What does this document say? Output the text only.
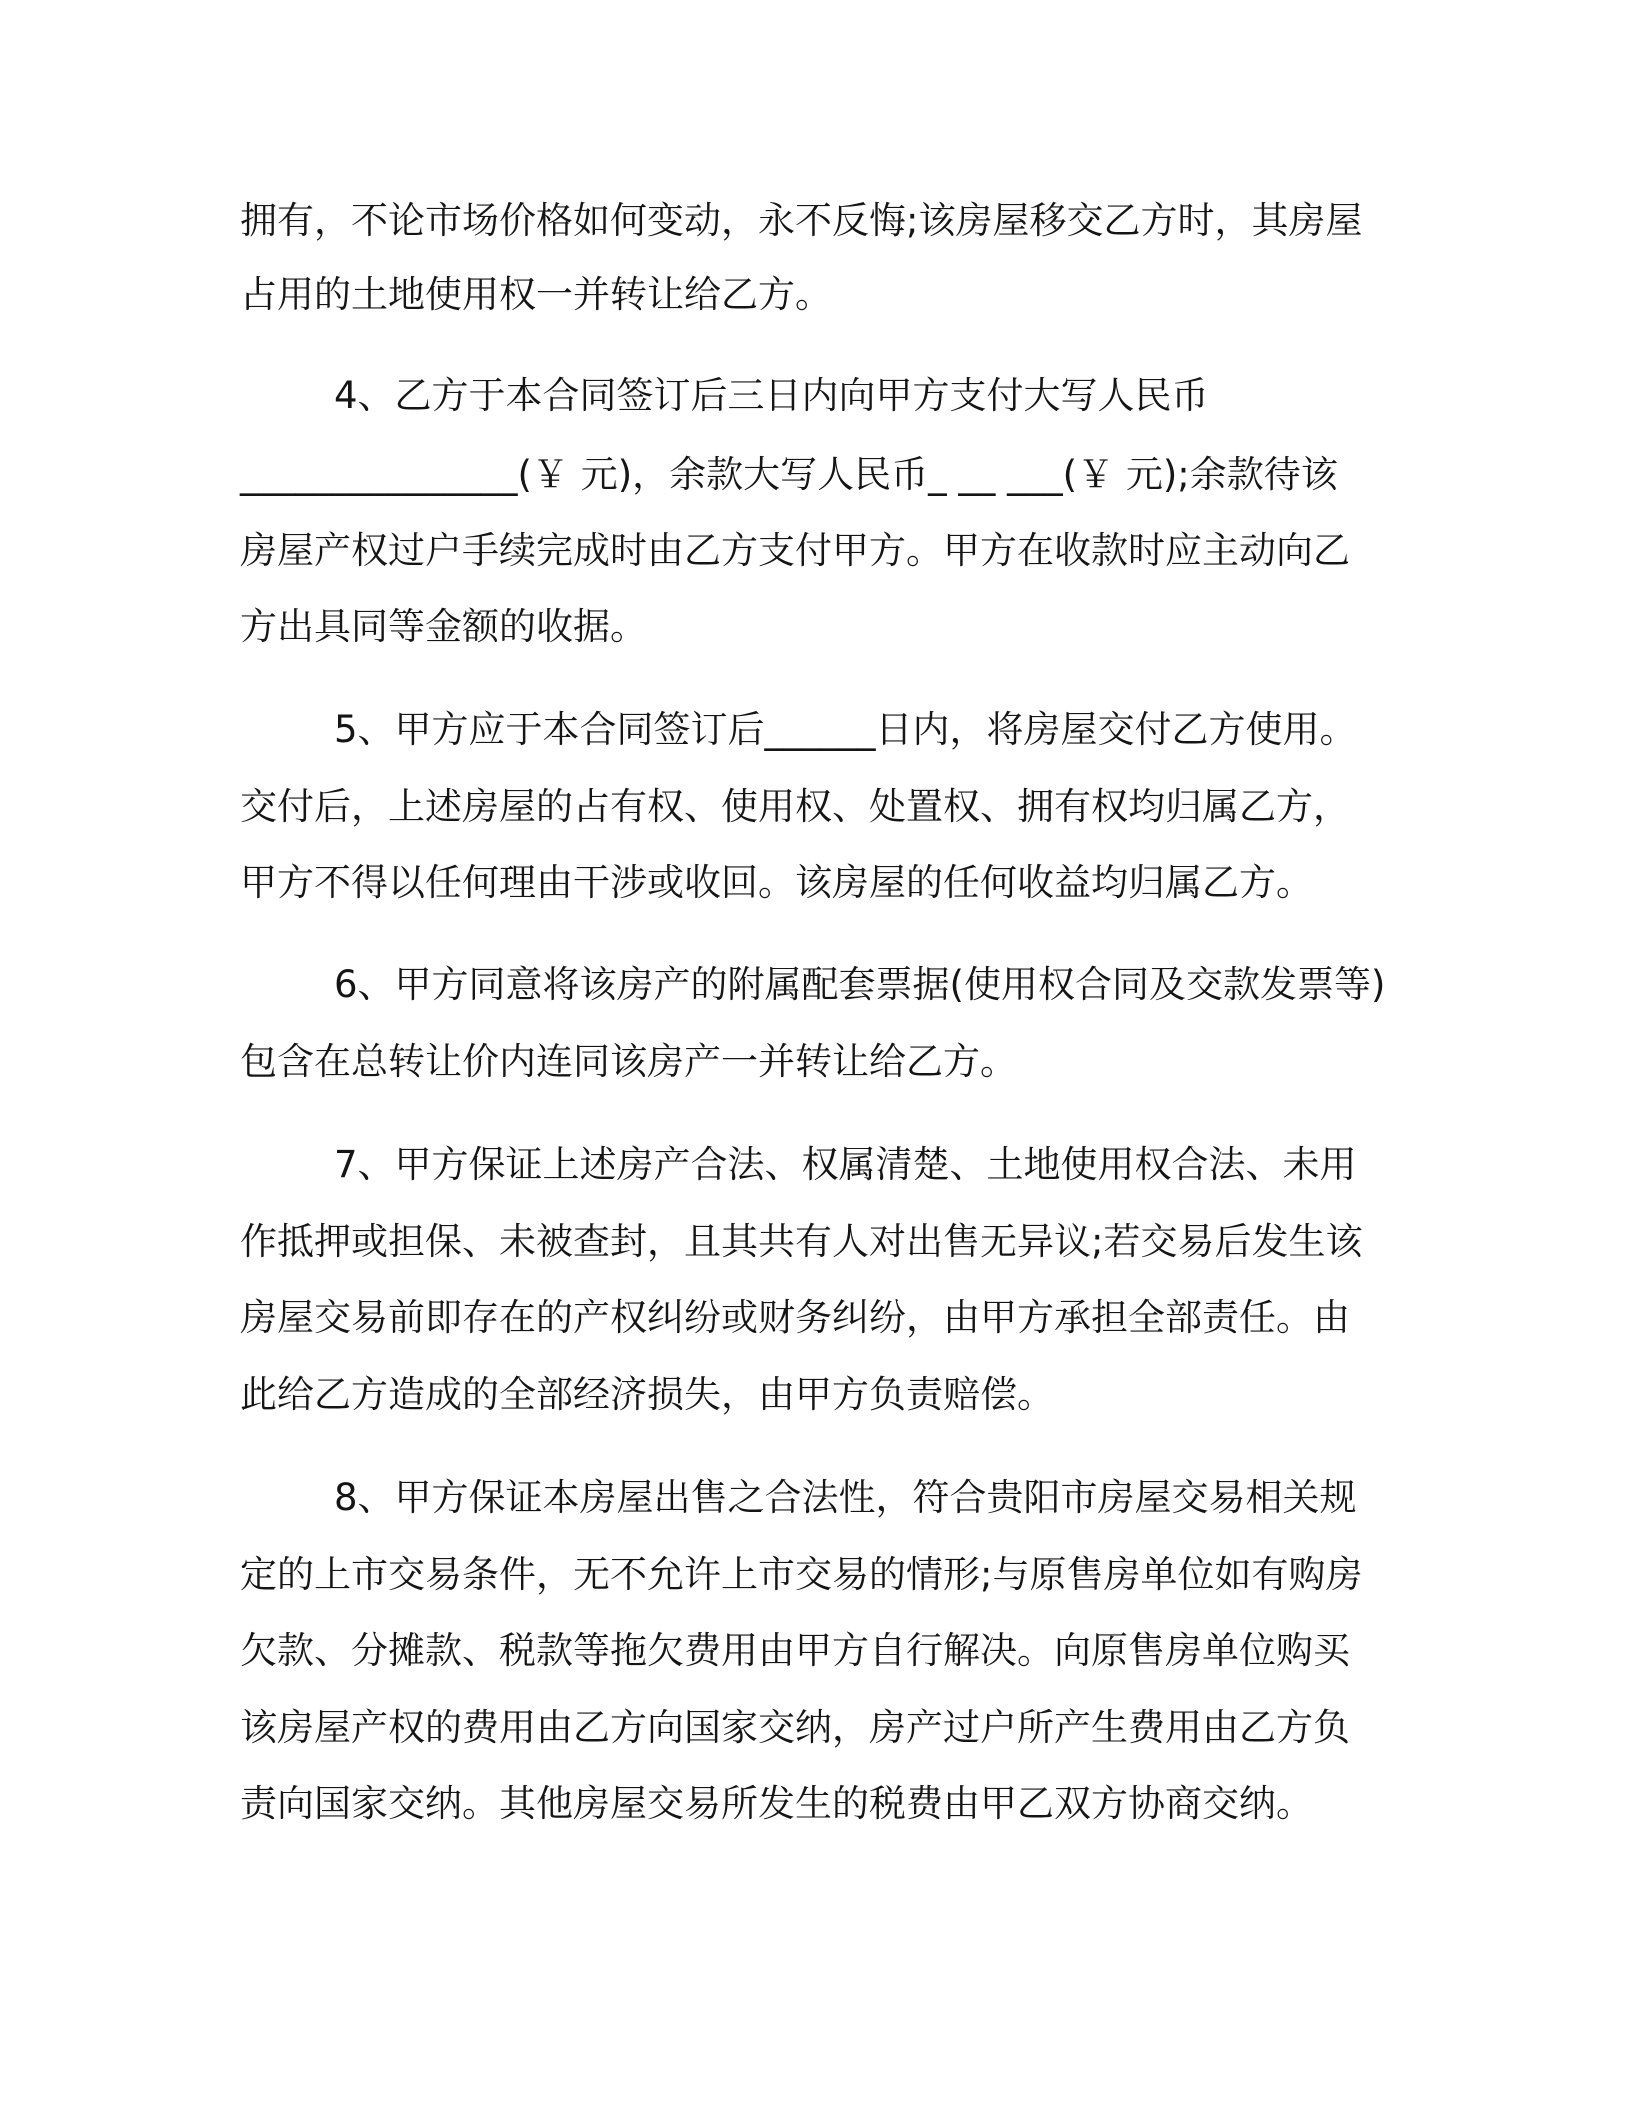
拥有，不论市场价格如何变动，永不反悔;该房屋移交乙方时，其房屋
占用的土地使用权一并转让给乙方。
4、乙方于本合同签订后三日内向甲方支付大写人民币
_______________(￥ 元)，余款大写人民币_ __ ___(￥ 元);余款待该
房屋产权过户手续完成时由乙方支付甲方。甲方在收款时应主动向乙
方出具同等金额的收据。
5、甲方应于本合同签订后______日内，将房屋交付乙方使用。
交付后，上述房屋的占有权、使用权、处置权、拥有权均归属乙方，
甲方不得以任何理由干涉或收回。该房屋的任何收益均归属乙方。
6、甲方同意将该房产的附属配套票据(使用权合同及交款发票等)
包含在总转让价内连同该房产一并转让给乙方。
7、甲方保证上述房产合法、权属清楚、土地使用权合法、未用
作抵押或担保、未被查封，且其共有人对出售无异议;若交易后发生该
房屋交易前即存在的产权纠纷或财务纠纷，由甲方承担全部责任。由
此给乙方造成的全部经济损失，由甲方负责赔偿。
8、甲方保证本房屋出售之合法性，符合贵阳市房屋交易相关规
定的上市交易条件，无不允许上市交易的情形;与原售房单位如有购房
欠款、分摊款、税款等拖欠费用由甲方自行解决。向原售房单位购买
该房屋产权的费用由乙方向国家交纳，房产过户所产生费用由乙方负
责向国家交纳。其他房屋交易所发生的税费由甲乙双方协商交纳。
